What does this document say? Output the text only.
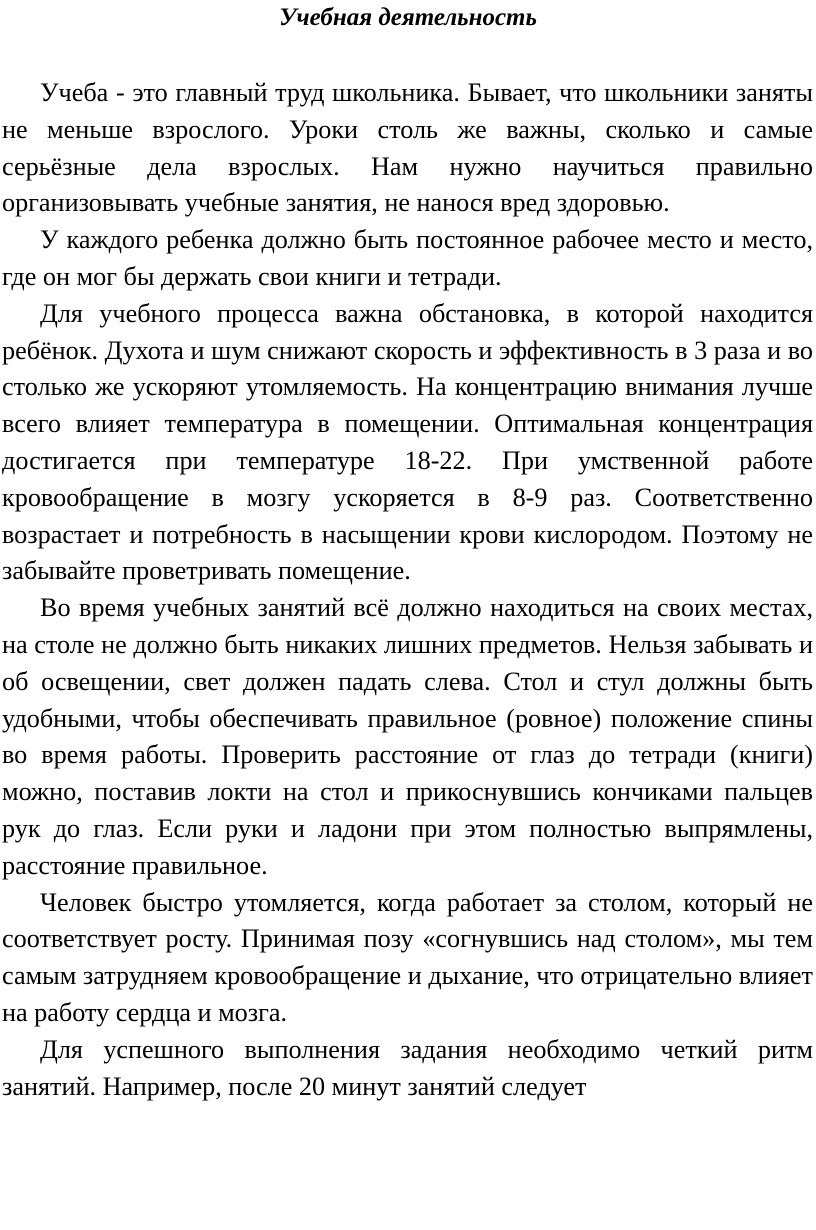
Учебная деятельность

Учеба - это главный труд школьника. Бывает, что школьники заняты не меньше взрослого. Уроки столь же важны, сколько и самые серьёзные дела взрослых. Нам нужно научиться правильно организовывать учебные занятия, не нанося вред здоровью.

У каждого ребенка должно быть постоянное рабочее место и место, где он мог бы держать свои книги и тетради.

Для учебного процесса важна обстановка, в которой находится ребёнок. Духота и шум снижают скорость и эффективность в 3 раза и во столько же ускоряют утомляемость. На концентрацию внимания лучше всего влияет температура в помещении. Оптимальная концентрация достигается при температуре 18-22. При умственной работе кровообращение в мозгу ускоряется в 8-9 раз. Соответственно возрастает и потребность в насыщении крови кислородом. Поэтому не забывайте проветривать помещение.

Во время учебных занятий всё должно находиться на своих местах, на столе не должно быть никаких лишних предметов. Нельзя забывать и об освещении, свет должен падать слева. Стол и стул должны быть удобными, чтобы обеспечивать правильное (ровное) положение спины во время работы. Проверить расстояние от глаз до тетради (книги) можно, поставив локти на стол и прикоснувшись кончиками пальцев рук до глаз. Если руки и ладони при этом полностью выпрямлены, расстояние правильное.

Человек быстро утомляется, когда работает за столом, который не соответствует росту. Принимая позу «согнувшись над столом», мы тем самым затрудняем кровообращение и дыхание, что отрицательно влияет на работу сердца и мозга.

Для успешного выполнения задания необходимо четкий ритм занятий. Например, после 20 минут занятий следует
